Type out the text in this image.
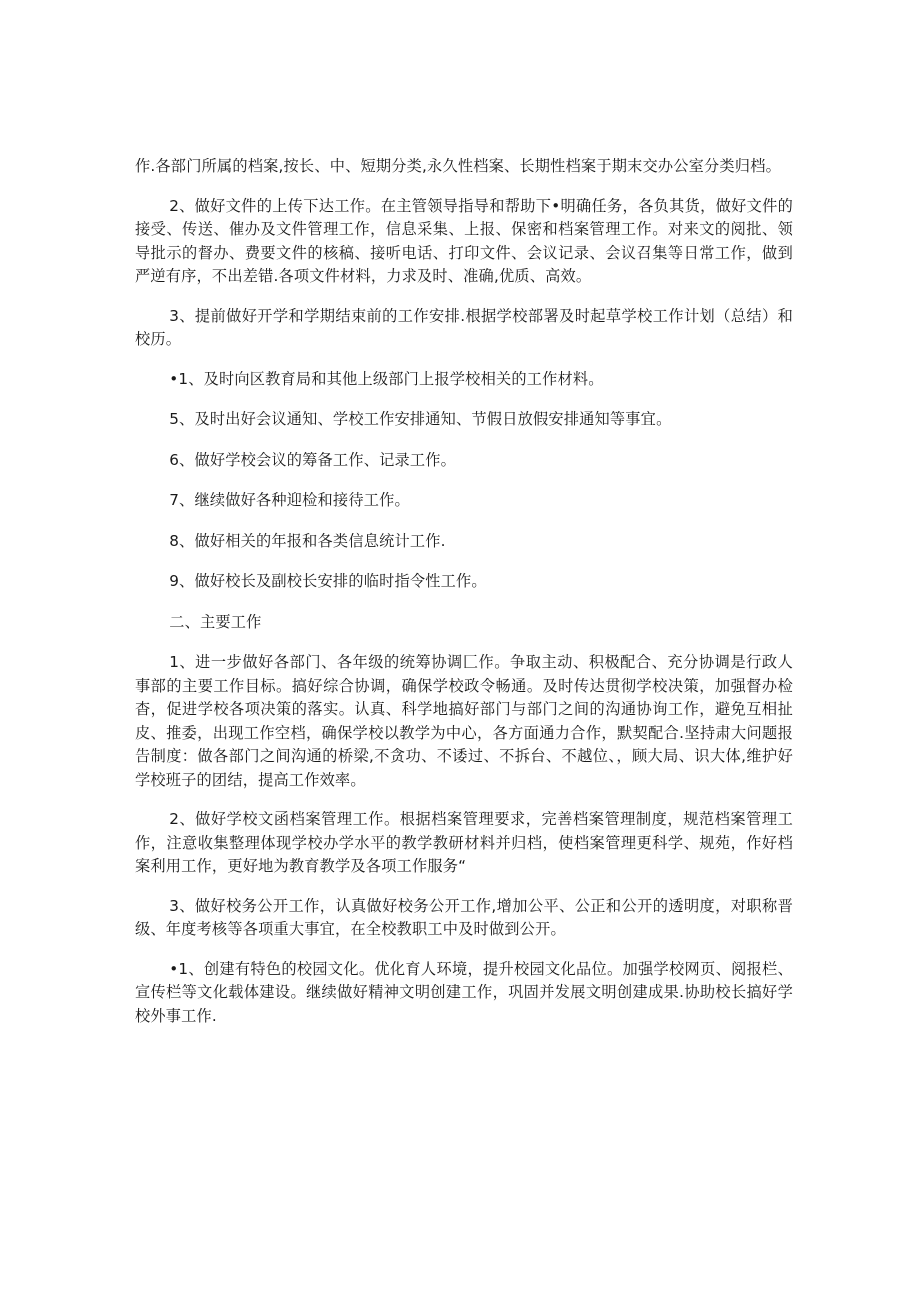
作.各部门所属的档案,按长、中、短期分类,永久性档案、长期性档案于期末交办公室分类归档。

2、做好文件的上传下达工作。在主管领导指导和帮助下•明确任务，各负其货，做好文件的接受、传送、催办及文件管理工作，信息采集、上报、保密和档案管理工作。对来文的阅批、领导批示的督办、费要文件的核稿、接听电话、打印文件、会议记录、会议召集等日常工作，做到严逆有序，不出差错.各项文件材料，力求及时、准确,优质、高效。

3、提前做好开学和学期结束前的工作安排.根据学校部署及时起草学校工作计划（总结）和校历。

•1、及时向区教育局和其他上级部门上报学校相关的工作材料。

5、及时出好会议通知、学校工作安排通知、节假日放假安排通知等事宜。

6、做好学校会议的筹备工作、记录工作。

7、继续做好各种迎检和接待工作。

8、做好相关的年报和各类信息统计工作.

9、做好校长及副校长安排的临时指令性工作。

二、主要工作

1、进一步做好各部门、各年级的统筹协调匚作。争取主动、积极配合、充分协调是行政人事部的主要工作目标。搞好综合协调，确保学校政令畅通。及时传达贯彻学校决策，加强督办检杳，促进学校各项决策的落实。认真、科学地搞好部门与部门之间的沟通协询工作，避免互相扯皮、推委，出现工作空档，确保学校以教学为中心，各方面通力合作，默契配合.坚持肃大问题报告制度：做各部门之间沟通的桥梁,不贪功、不诿过、不拆台、不越位、，顾大局、识大体,维护好学校班子的团结，提高工作效率。

2、做好学校文函档案管理工作。根据档案管理要求，完善档案管理制度，规范档案管理工作，注意收集整理体现学校办学水平的教学教研材料并归档，使档案管理更科学、规苑，作好档案利用工作，更好地为教育教学及各项工作服务“

3、做好校务公开工作，认真做好校务公开工作,增加公平、公正和公开的透明度，对职称晋级、年度考核等各项重大事宜，在全校教职工中及时做到公开。

•1、创建有特色的校园文化。优化育人环境，提升校园文化品位。加强学校网页、阅报栏、宣传栏等文化载体建设。继续做好精神文明创建工作，巩固并发展文明创建成果.协助校长搞好学校外事工作.
